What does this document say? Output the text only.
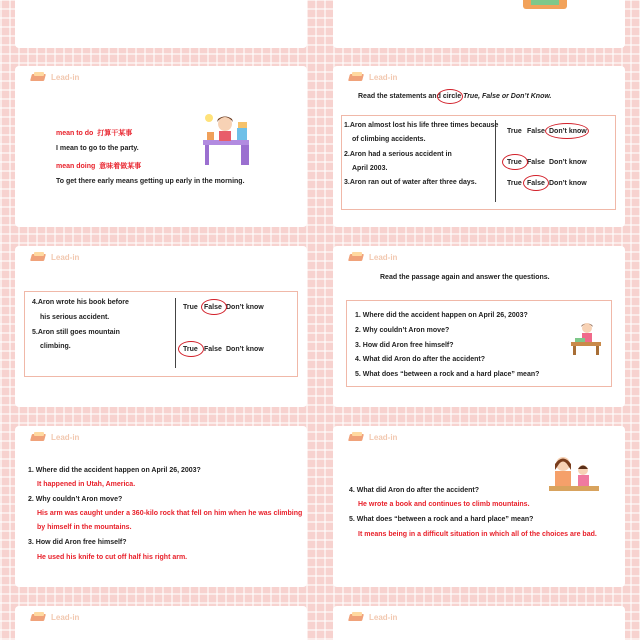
Lead-in
mean to do 打算干某事
I mean to go to the party.
mean doing 意味着做某事
To get there early means getting up early in the morning.
Lead-in
Read the statements and circle True, False or Don’t Know.
1.Aron almost lost his life three times because
of climbing accidents.
2.Aron had a serious accident in
April 2003.
3.Aron ran out of water after three days.
True False Don’t know
True False Don’t know
True False Don’t know
Lead-in
4.Aron wrote his book before
his serious accident.
5.Aron still goes mountain
climbing.
True False Don’t know
True False Don’t know
Lead-in
Read the passage again and answer the questions.
1. Where did the accident happen on April 26, 2003?
2. Why couldn’t Aron move?
3. How did Aron free himself?
4. What did Aron do after the accident?
5. What does “between a rock and a hard place” mean?
Lead-in
1. Where did the accident happen on April 26, 2003?
It happened in Utah, America.
2. Why couldn’t Aron move?
His arm was caught under a 360-kilo rock that fell on him when he was climbing
by himself in the mountains.
3. How did Aron free himself?
He used his knife to cut off half his right arm.
Lead-in
4. What did Aron do after the accident?
He wrote a book and continues to climb mountains.
5. What does “between a rock and a hard place” mean?
It means being in a difficult situation in which all of the choices are bad.
Lead-in	Lead-in
